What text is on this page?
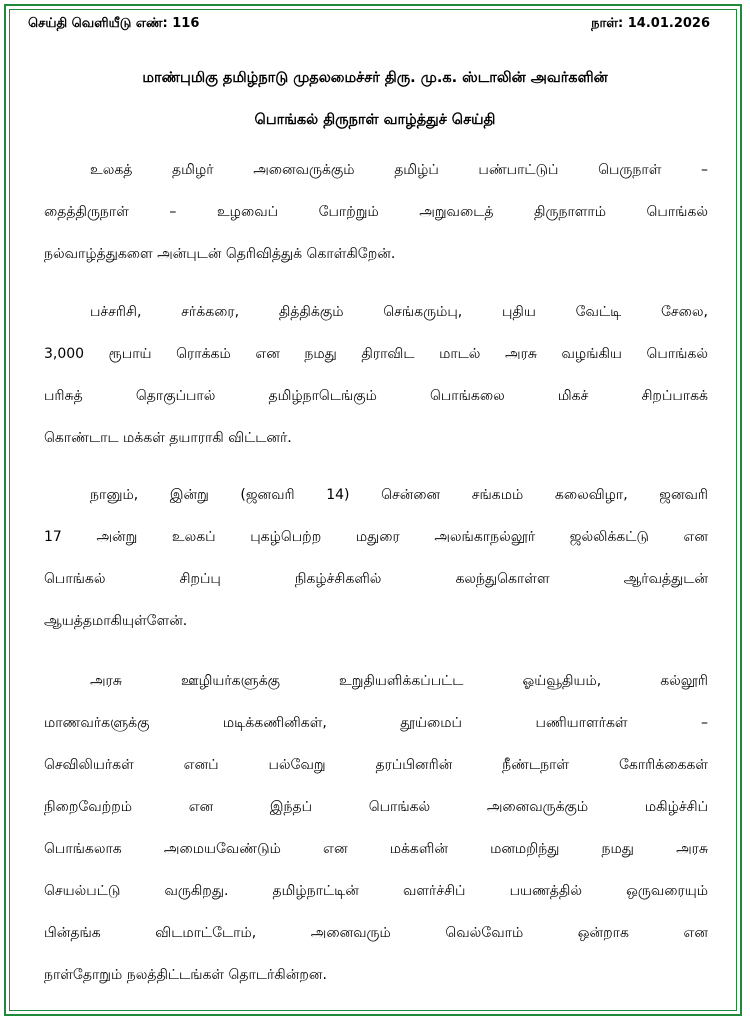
செய்தி வெளியீடு எண்: 116	நாள்: 14.01.2026
மாண்புமிகு தமிழ்நாடு முதலமைச்சர் திரு. மு.க. ஸ்டாலின் அவர்களின்
பொங்கல் திருநாள் வாழ்த்துச் செய்தி
உலகத் தமிழர் அனைவருக்கும் தமிழ்ப் பண்பாட்டுப் பெருநாள் –
தைத்திருநாள் – உழவைப் போற்றும் அறுவடைத் திருநாளாம் பொங்கல்
நல்வாழ்த்துகளை அன்புடன் தெரிவித்துக் கொள்கிறேன்.
பச்சரிசி, சர்க்கரை, தித்திக்கும் செங்கரும்பு, புதிய வேட்டி சேலை,
3,000 ரூபாய் ரொக்கம் என நமது திராவிட மாடல் அரசு வழங்கிய பொங்கல்
பரிசுத் தொகுப்பால் தமிழ்நாடெங்கும் பொங்கலை மிகச் சிறப்பாகக்
கொண்டாட மக்கள் தயாராகி விட்டனர்.
நானும், இன்று (ஜனவரி 14) சென்னை சங்கமம் கலைவிழா, ஜனவரி
17 அன்று உலகப் புகழ்பெற்ற மதுரை அலங்காநல்லூர் ஜல்லிக்கட்டு என
பொங்கல் சிறப்பு நிகழ்ச்சிகளில் கலந்துகொள்ள ஆர்வத்துடன்
ஆயத்தமாகியுள்ளேன்.
அரசு ஊழியர்களுக்கு உறுதியளிக்கப்பட்ட ஓய்வூதியம், கல்லூரி
மாணவர்களுக்கு மடிக்கணினிகள், தூய்மைப் பணியாளர்கள் –
செவிலியர்கள் எனப் பல்வேறு தரப்பினரின் நீண்டநாள் கோரிக்கைகள்
நிறைவேற்றம் என இந்தப் பொங்கல் அனைவருக்கும் மகிழ்ச்சிப்
பொங்கலாக அமையவேண்டும் என மக்களின் மனமறிந்து நமது அரசு
செயல்பட்டு வருகிறது. தமிழ்நாட்டின் வளர்ச்சிப் பயணத்தில் ஒருவரையும்
பின்தங்க விடமாட்டோம், அனைவரும் வெல்வோம் ஒன்றாக என
நாள்தோறும் நலத்திட்டங்கள் தொடர்கின்றன.
